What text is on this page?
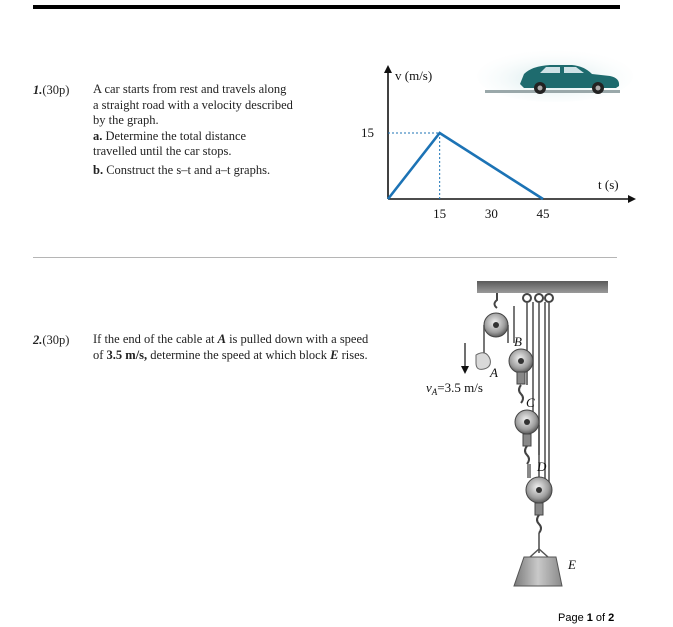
1.(30p) A car starts from rest and travels along
a straight road with a velocity described
by the graph.
a. Determine the total distance
travelled until the car stops.
b. Construct the s–t and a–t graphs.
v (m/s)
t (s)
15	30	45
15
2.(30p) If the end of the cable at A is pulled down with a speed
of 3.5 m/s, determine the speed at which block E rises.
B
A
C
D
E
$v_A=3.5$ m/s
Page 1 of 2
